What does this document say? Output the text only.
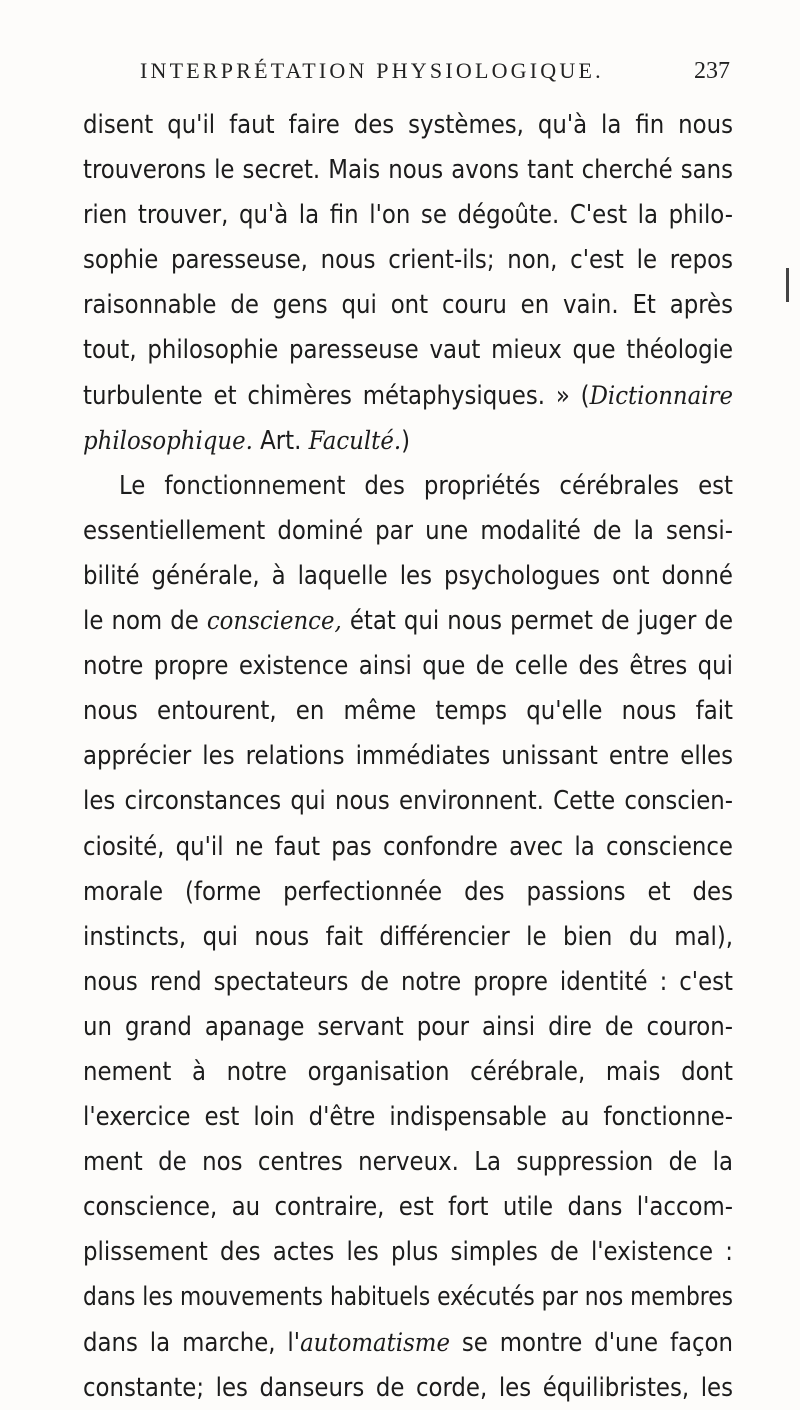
INTERPRÉTATION PHYSIOLOGIQUE.	237
disent qu'il faut faire des systèmes, qu'à la fin nous
trouverons le secret. Mais nous avons tant cherché sans
rien trouver, qu'à la fin l'on se dégoûte. C'est la philo-
sophie paresseuse, nous crient-ils; non, c'est le repos
raisonnable de gens qui ont couru en vain. Et après
tout, philosophie paresseuse vaut mieux que théologie
turbulente et chimères métaphysiques. » (Dictionnaire
philosophique. Art. Faculté.)
Le fonctionnement des propriétés cérébrales est
essentiellement dominé par une modalité de la sensi-
bilité générale, à laquelle les psychologues ont donné
le nom de conscience, état qui nous permet de juger de
notre propre existence ainsi que de celle des êtres qui
nous entourent, en même temps qu'elle nous fait
apprécier les relations immédiates unissant entre elles
les circonstances qui nous environnent. Cette conscien-
ciosité, qu'il ne faut pas confondre avec la conscience
morale (forme perfectionnée des passions et des
instincts, qui nous fait différencier le bien du mal),
nous rend spectateurs de notre propre identité : c'est
un grand apanage servant pour ainsi dire de couron-
nement à notre organisation cérébrale, mais dont
l'exercice est loin d'être indispensable au fonctionne-
ment de nos centres nerveux. La suppression de la
conscience, au contraire, est fort utile dans l'accom-
plissement des actes les plus simples de l'existence :
dans les mouvements habituels exécutés par nos membres
dans la marche, l'automatisme se montre d'une façon
constante; les danseurs de corde, les équilibristes, les
